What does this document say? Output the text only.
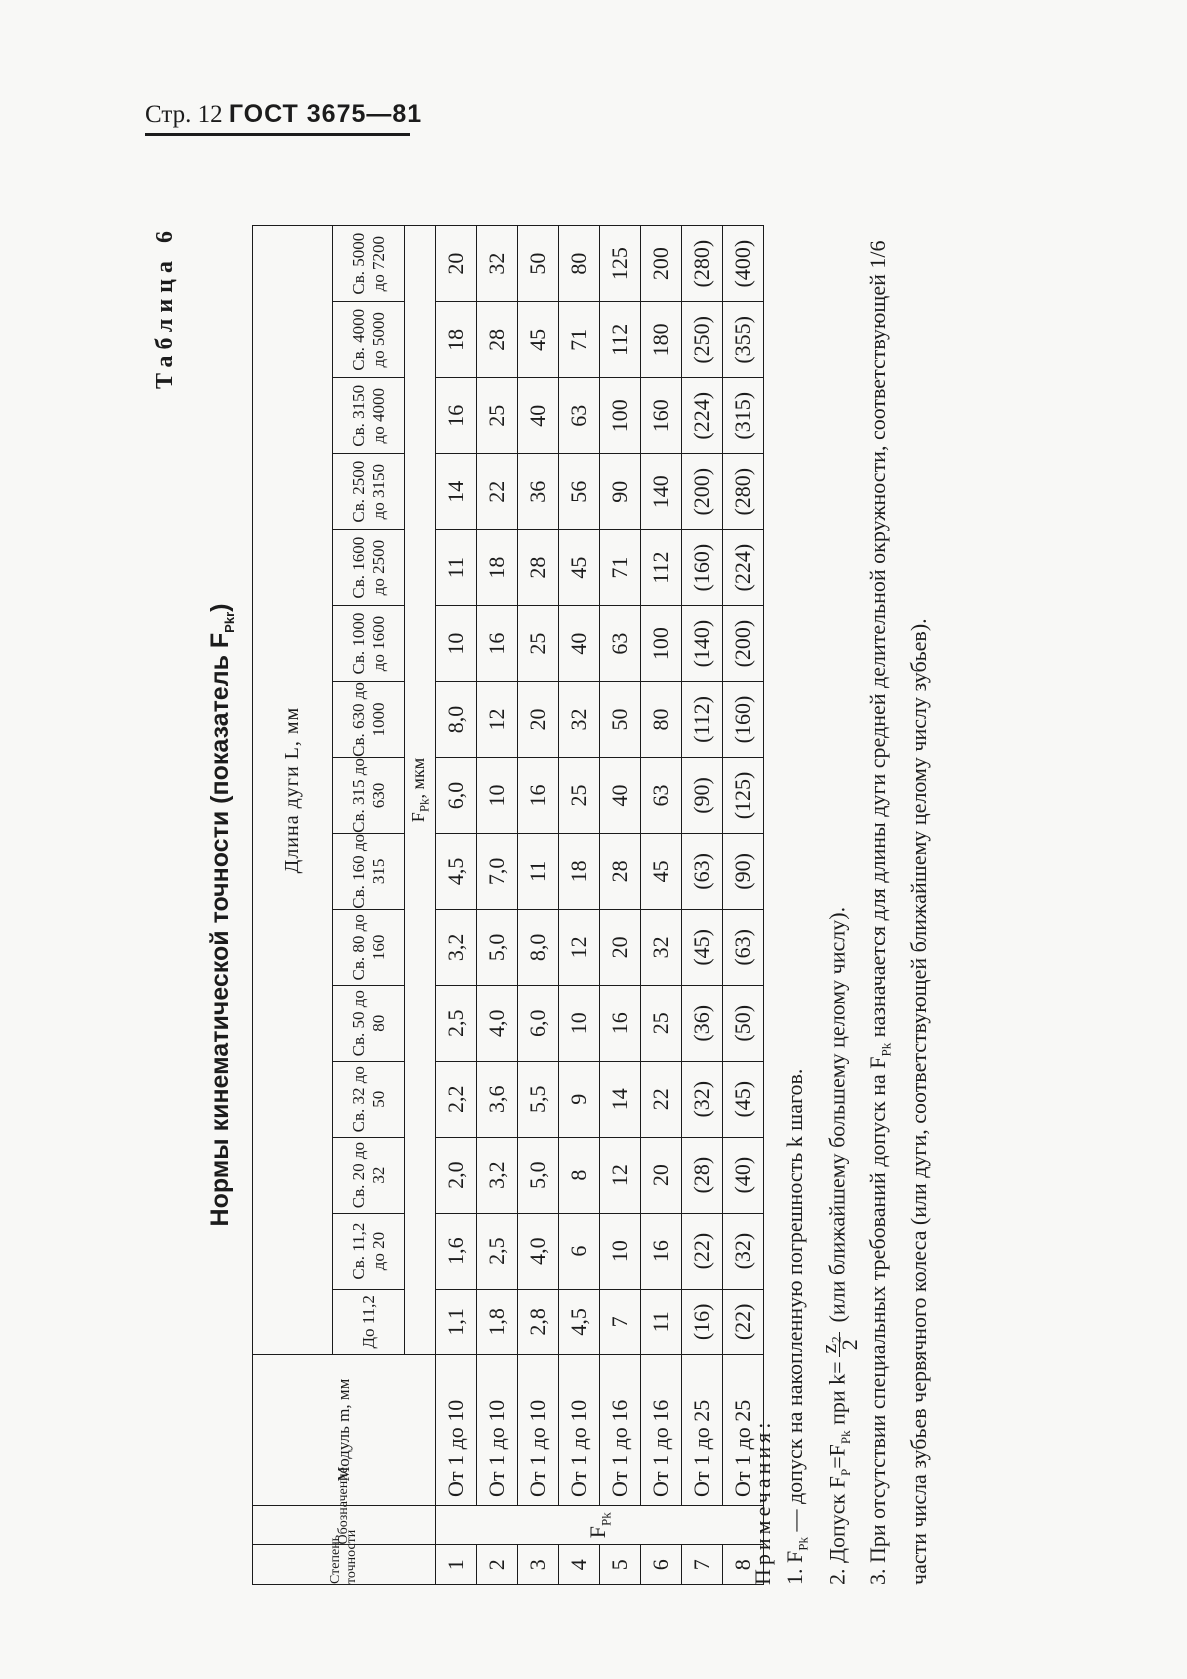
Стр. 12 ГОСТ 3675—81
Таблица 6
Нормы кинематической точности (показатель $F_{Pkr}$)
Степень точности	Обозначение	Модуль m, мм	Длина дуги L, мм														
			До 11,2	Св. 11,2 до 20	Св. 20 до 32	Св. 32 до 50	Св. 50 до 80	Св. 80 до 160	Св. 160 до 315	Св. 315 до 630	Св. 630 до 1000	Св. 1000 до 1600	Св. 1600 до 2500	Св. 2500 до 3150	Св. 3150 до 4000	Св. 4000 до 5000	Св. 5000 до 7200
			$F_{Pk}$, мкм														
1	$F_{Pk}$	От 1 до 10	1,1	1,6	2,0	2,2	2,5	3,2	4,5	6,0	8,0	10	11	14	16	18	20
2		От 1 до 10	1,8	2,5	3,2	3,6	4,0	5,0	7,0	10	12	16	18	22	25	28	32
3		От 1 до 10	2,8	4,0	5,0	5,5	6,0	8,0	11	16	20	25	28	36	40	45	50
4		От 1 до 10	4,5	6	8	9	10	12	18	25	32	40	45	56	63	71	80
5		От 1 до 16	7	10	12	14	16	20	28	40	50	63	71	90	100	112	125
6		От 1 до 16	11	16	20	22	25	32	45	63	80	100	112	140	160	180	200
7		От 1 до 25	(16)	(22)	(28)	(32)	(36)	(45)	(63)	(90)	(112)	(140)	(160)	(200)	(224)	(250)	(280)
8		От 1 до 25	(22)	(32)	(40)	(45)	(50)	(63)	(90)	(125)	(160)	(200)	(224)	(280)	(315)	(355)	(400)

Примечания: 1. $F_{Pk}$ — допуск на накопленную погрешность k шагов. 2. Допуск $F_P=F_{Pk}$ при k=
z₂
2
(или ближайшему большему целому числу). 3. При отсутствии специальных требований допуск на $F_{Pk}$ назначается для длины дуги средней делительной окружности, соответствующей 1/6 части числа зубьев червячного колеса (или дуги, соответствующей ближайшему целому числу зубьев).
